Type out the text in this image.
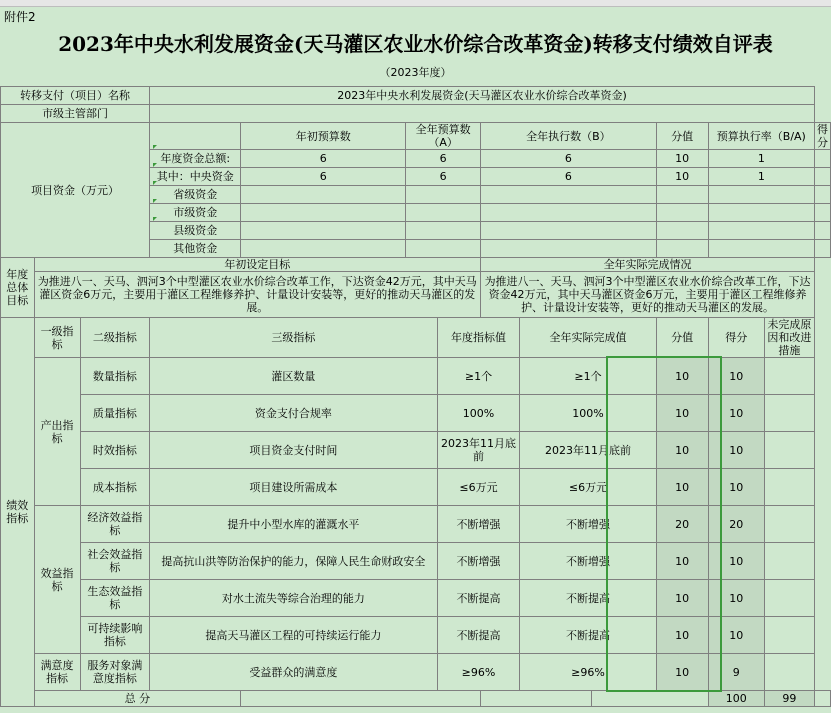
附件2
2023年中央水利发展资金(天马灌区农业水价综合改革资金)转移支付绩效自评表
（2023年度）
转移支付（项目）名称			2023年中央水利发展资金(天马灌区农业水价综合改革资金)										
市级主管部门													
项目资金（万元）				年初预算数	全年预算数（A）		全年执行数（B）			分值	预算执行率（B/A)		得分
			年度资金总额:	6	6		6			10	1		
			其中：中央资金	6	6		6			10	1		
			省级资金										
			市级资金										
			县级资金										
			其他资金										
年度总体目标	年初设定目标						全年实际完成情况						
	为推进八一、天马、泗河3个中型灌区农业水价综合改革工作，下达资金42万元，其中天马灌区资金6万元，主要用于灌区工程维修养护、计量设计安装等，更好的推动天马灌区的发展。						为推进八一、天马、泗河3个中型灌区农业水价综合改革工作，下达资金42万元，其中天马灌区资金6万元，主要用于灌区工程维修养护、计量设计安装等，更好的推动天马灌区的发展。						
绩效指标	一级指标	二级指标	三级指标			年度指标值		全年实际完成值		分值	得分	未完成原因和改进措施	
	产出指标	数量指标	灌区数量			≥1个		≥1个		10	10		
		质量指标	资金支付合规率			100%		100%		10	10		
		时效指标	项目资金支付时间			2023年11月底前		2023年11月底前		10	10		
		成本指标	项目建设所需成本			≤6万元		≤6万元		10	10		
	效益指标	经济效益指标	提升中小型水库的灌溉水平			不断增强		不断增强		20	20		
		社会效益指标	提高抗山洪等防治保护的能力，保障人民生命财政安全			不断增强		不断增强		10	10		
		生态效益指标	对水土流失等综合治理的能力			不断提高		不断提高		10	10		
		可持续影响指标	提高天马灌区工程的可持续运行能力			不断提高		不断提高		10	10		
	满意度指标	服务对象满意度指标	受益群众的满意度			≥96%		≥96%		10	9		
	总 分										100	99	
